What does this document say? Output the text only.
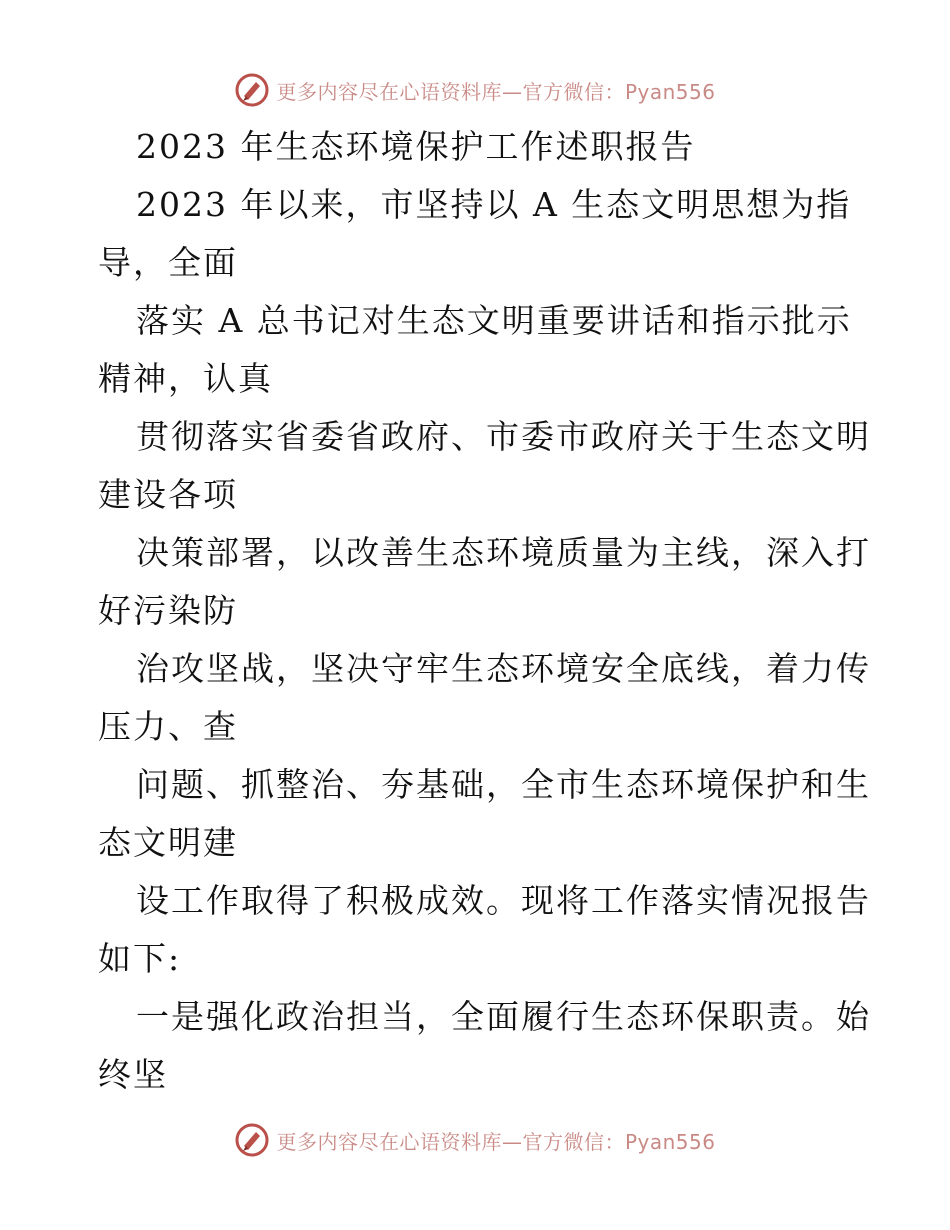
更多内容尽在心语资料库—官方微信：Pyan556
2023 年生态环境保护工作述职报告
2023 年以来，市坚持以 A 生态文明思想为指
导，全面
落实 A 总书记对生态文明重要讲话和指示批示
精神，认真
贯彻落实省委省政府、市委市政府关于生态文明
建设各项
决策部署，以改善生态环境质量为主线，深入打
好污染防
治攻坚战，坚决守牢生态环境安全底线，着力传
压力、查
问题、抓整治、夯基础，全市生态环境保护和生
态文明建
设工作取得了积极成效。现将工作落实情况报告
如下:
一是强化政治担当，全面履行生态环保职责。始
终坚
更多内容尽在心语资料库—官方微信：Pyan556
